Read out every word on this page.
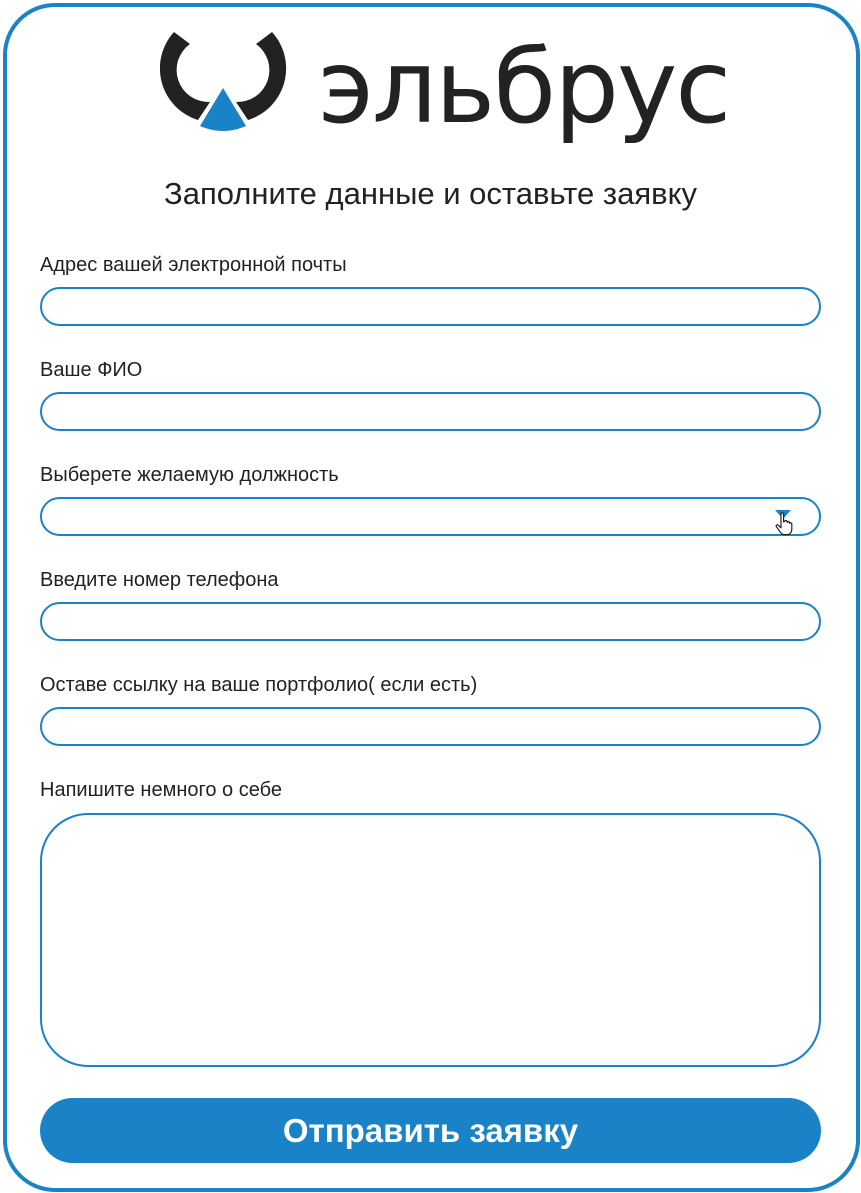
эльбрус
Заполните данные и оставьте заявку
Адрес вашей электронной почты
Ваше ФИО
Выберете желаемую должность
Введите номер телефона
Оставе ссылку на ваше портфолио( если есть)
Напишите немного о себе
Отправить заявку
